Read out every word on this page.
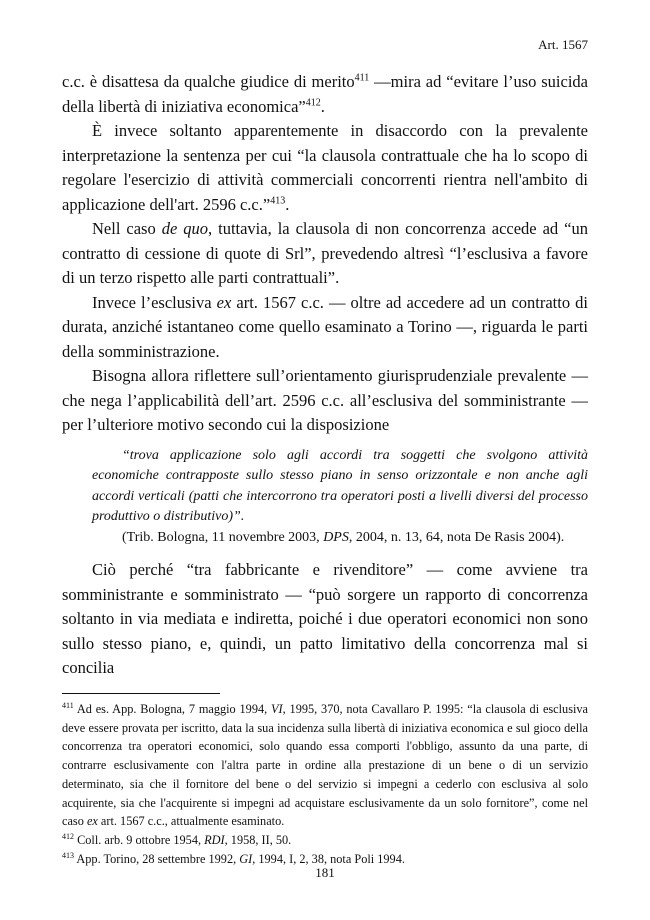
Art. 1567

c.c. è disattesa da qualche giudice di merito$^{411}$ —mira ad “evitare l’uso suicida della libertà di iniziativa economica”$^{412}$.

È invece soltanto apparentemente in disaccordo con la prevalente interpretazione la sentenza per cui “la clausola contrattuale che ha lo scopo di regolare l'esercizio di attività commerciali concorrenti rientra nell'ambito di applicazione dell'art. 2596 c.c.”$^{413}$.

Nell caso de quo, tuttavia, la clausola di non concorrenza accede ad “un contratto di cessione di quote di Srl”, prevedendo altresì “l’esclusiva a favore di un terzo rispetto alle parti contrattuali”.

Invece l’esclusiva ex art. 1567 c.c. — oltre ad accedere ad un contratto di durata, anziché istantaneo come quello esaminato a Torino —, riguarda le parti della somministrazione.

Bisogna allora riflettere sull’orientamento giurisprudenziale prevalente — che nega l’applicabilità dell’art. 2596 c.c. all’esclusiva del somministrante —per l’ulteriore motivo secondo cui la disposizione

“trova applicazione solo agli accordi tra soggetti che svolgono attività economiche contrapposte sullo stesso piano in senso orizzontale e non anche agli accordi verticali (patti che intercorrono tra operatori posti a livelli diversi del processo produttivo o distributivo)”.

(Trib. Bologna, 11 novembre 2003, DPS, 2004, n. 13, 64, nota De Rasis 2004).

Ciò perché “tra fabbricante e rivenditore” — come avviene tra somministrante e somministrato — “può sorgere un rapporto di concorrenza soltanto in via mediata e indiretta, poiché i due operatori economici non sono sullo stesso piano, e, quindi, un patto limitativo della concorrenza mal si concilia

$^{411}$ Ad es. App. Bologna, 7 maggio 1994, VI, 1995, 370, nota Cavallaro P. 1995: “la clausola di esclusiva deve essere provata per iscritto, data la sua incidenza sulla libertà di iniziativa economica e sul gioco della concorrenza tra operatori economici, solo quando essa comporti l'obbligo, assunto da una parte, di contrarre esclusivamente con l'altra parte in ordine alla prestazione di un bene o di un servizio determinato, sia che il fornitore del bene o del servizio si impegni a cederlo con esclusiva al solo acquirente, sia che l'acquirente si impegni ad acquistare esclusivamente da un solo fornitore”, come nel caso ex art. 1567 c.c., attualmente esaminato.

$^{412}$ Coll. arb. 9 ottobre 1954, RDI, 1958, II, 50.

$^{413}$ App. Torino, 28 settembre 1992, GI, 1994, I, 2, 38, nota Poli 1994.

181
